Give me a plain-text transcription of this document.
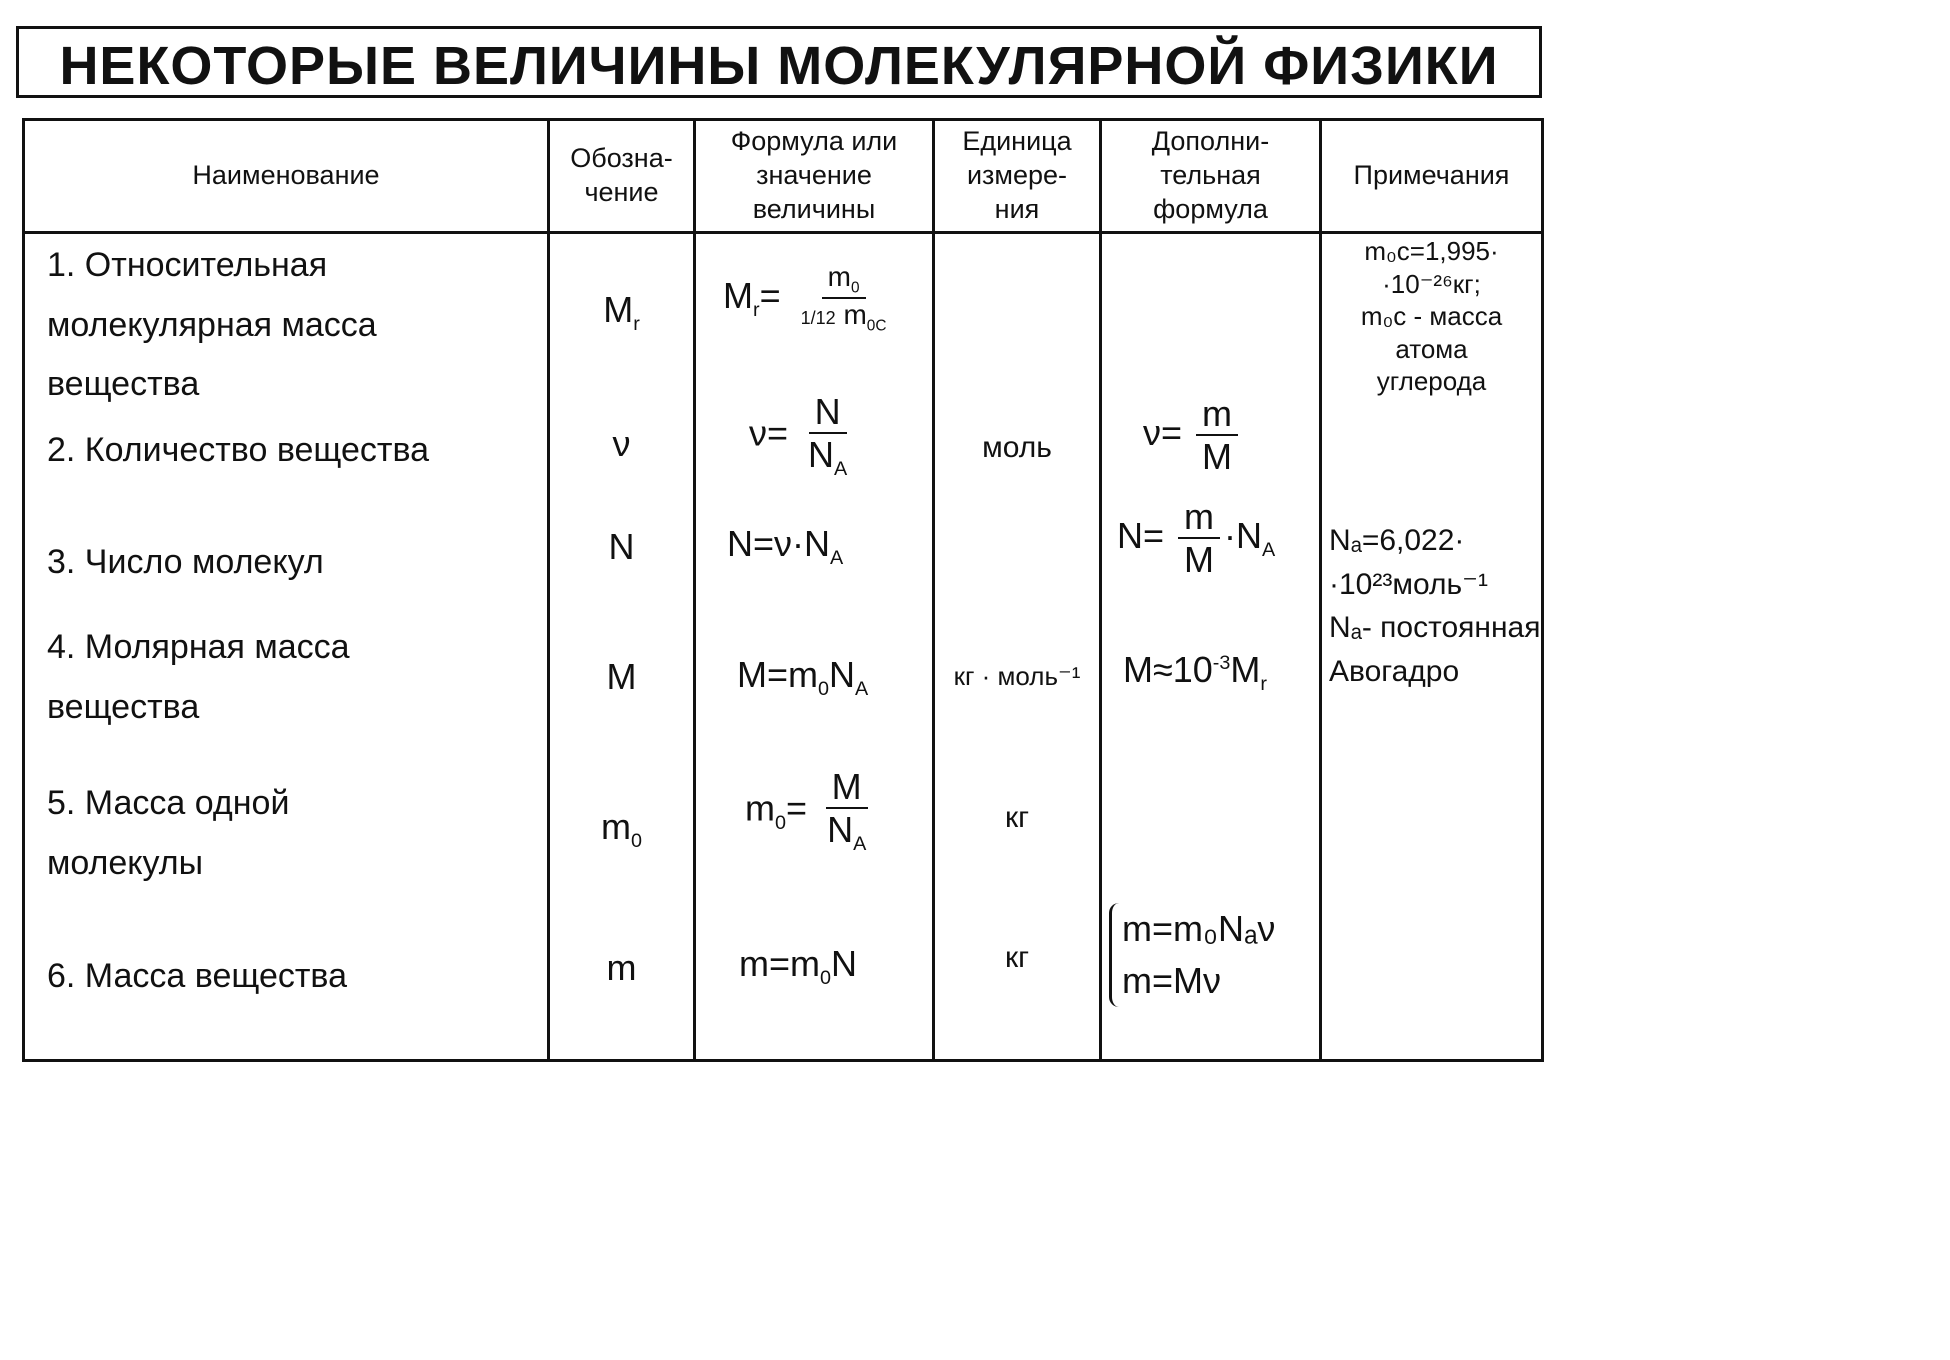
НЕКОТОРЫЕ ВЕЛИЧИНЫ МОЛЕКУЛЯРНОЙ ФИЗИКИ
Наименование
Обозна-
чение
Формула или
значение
величины
Единица
измере-
ния
Дополни-
тельная
формула
Примечания
1. Относительная
молекулярная масса
вещества
2. Количество вещества
3. Число молекул
4. Молярная масса
вещества
5. Масса одной
молекулы
6. Масса вещества
$M_r$
ν
N
M
$m_0$
m
$M_r= \frac{m_0}{1/12 m_{0C}}$
$\nu= \frac{N}{N_A}$
$N=\nu\cdot N_A$
$M=m_0N_A$
$m_0= \frac{M}{N_A}$
$m=m_0N$
моль
кг · моль⁻¹
кг
кг
$\nu= \frac{m}{M}$
$N= \frac{m}{M} \cdot N_A$
$M\approx 10^{-3}M_r$
m=m₀Nₐν
m=Mν
m₀c=1,995·
·10⁻²⁶кг;
m₀c - масса
атома
углерода
Nₐ=6,022·
·10²³моль⁻¹
Nₐ- постоянная
Авогадро
